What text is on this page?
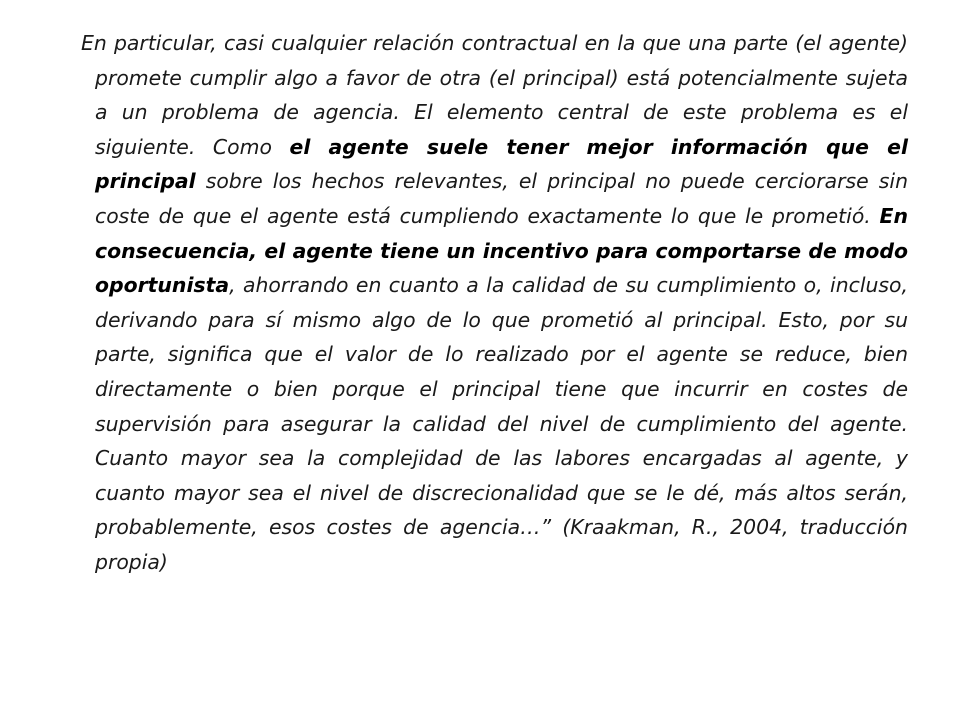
En particular, casi cualquier relación contractual en la que una parte (el agente) promete cumplir algo a favor de otra (el principal) está potencialmente sujeta a un problema de agencia. El elemento central de este problema es el siguiente. Como el agente suele tener mejor información que el principal sobre los hechos relevantes, el principal no puede cerciorarse sin coste de que el agente está cumpliendo exactamente lo que le prometió. En consecuencia, el agente tiene un incentivo para comportarse de modo oportunista, ahorrando en cuanto a la calidad de su cumplimiento o, incluso, derivando para sí mismo algo de lo que prometió al principal. Esto, por su parte, significa que el valor de lo realizado por el agente se reduce, bien directamente o bien porque el principal tiene que incurrir en costes de supervisión para asegurar la calidad del nivel de cumplimiento del agente. Cuanto mayor sea la complejidad de las labores encargadas al agente, y cuanto mayor sea el nivel de discrecionalidad que se le dé, más altos serán, probablemente, esos costes de agencia…” (Kraakman, R., 2004, traducción propia)
